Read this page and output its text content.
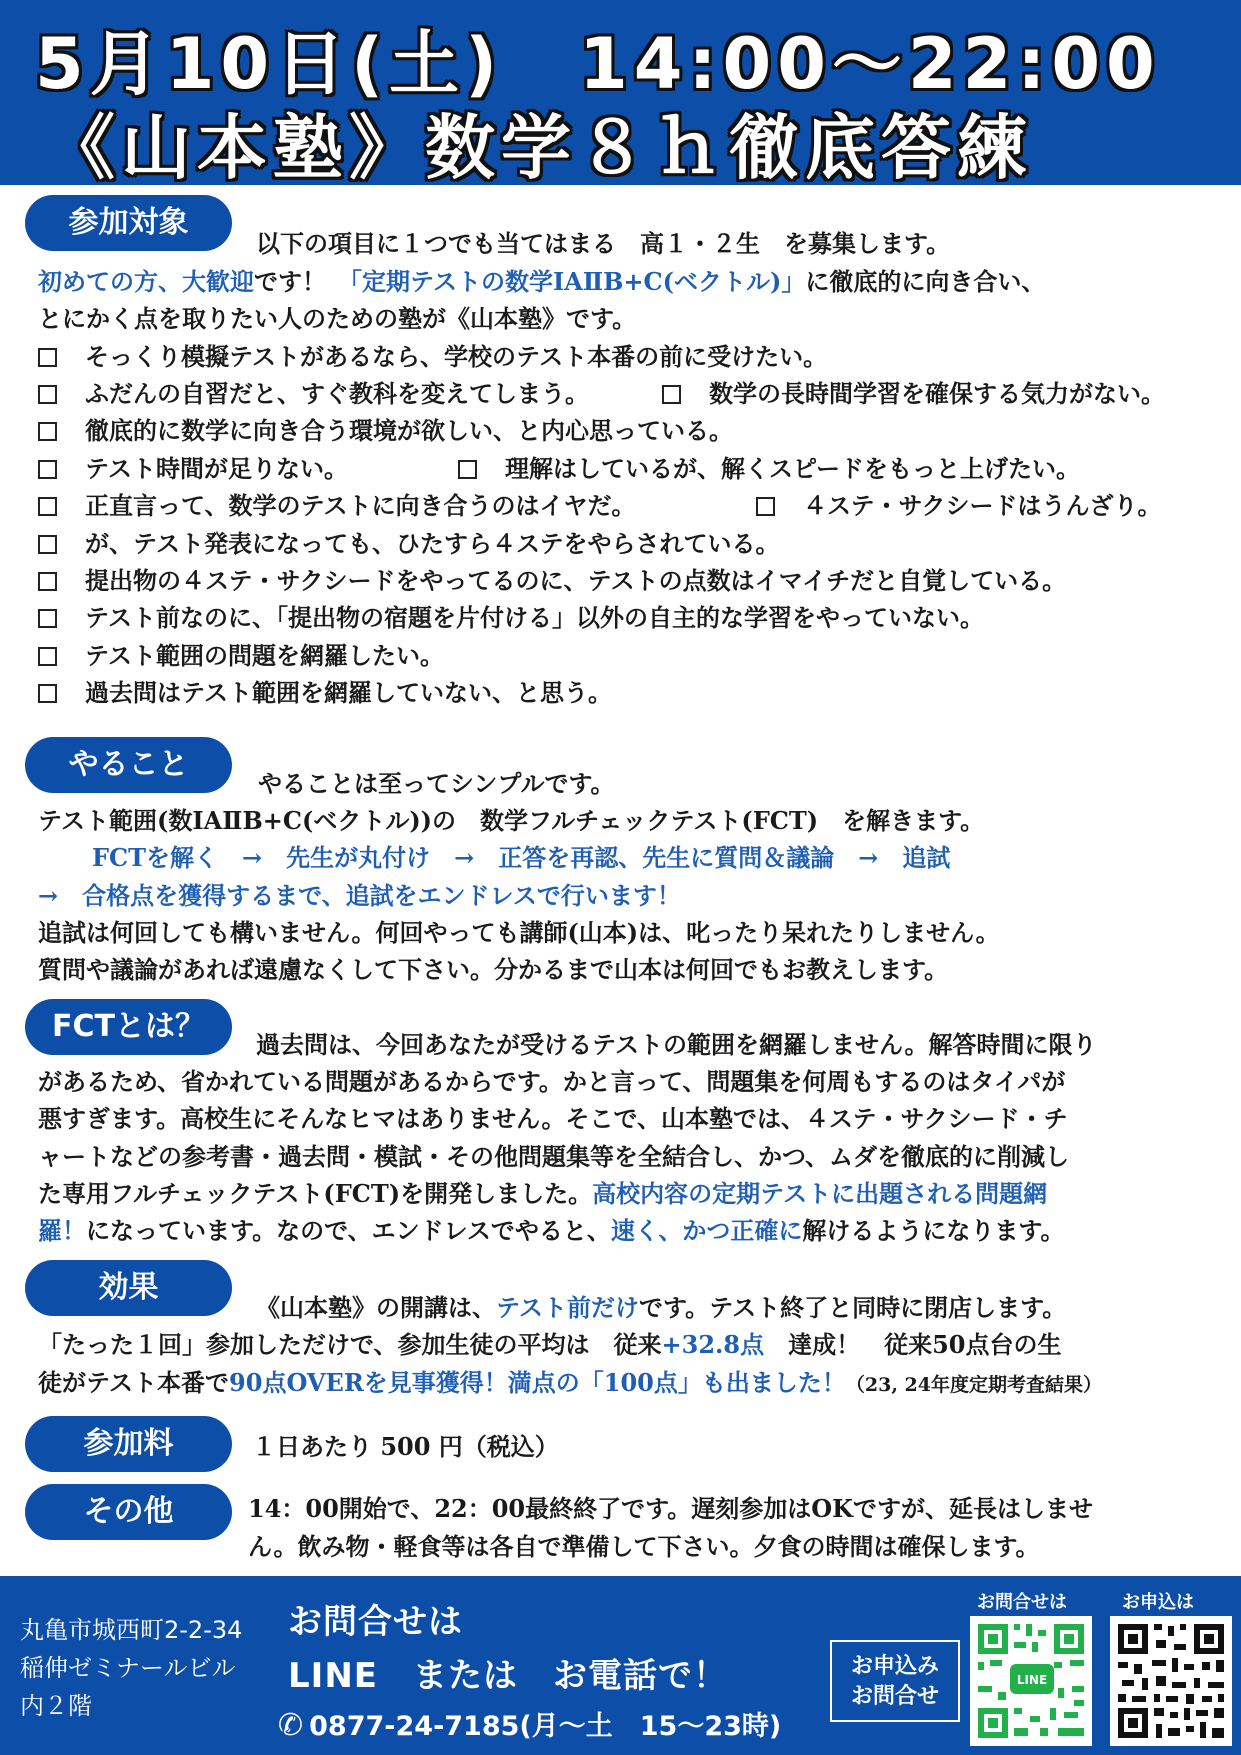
5月10日(土)　14:00～22:00
《山本塾》数学８ｈ徹底答練
参加対象
以下の項目に１つでも当てはまる　高１・２生　を募集します。
初めての方、大歓迎です！　 「定期テストの数学ⅠAⅡB+C(ベクトル)」に徹底的に向き合い、
とにかく点を取りたい人のための塾が《山本塾》です。
そっくり模擬テストがあるなら、学校のテスト本番の前に受けたい。
ふだんの自習だと、すぐ教科を変えてしまう。	数学の長時間学習を確保する気力がない。
徹底的に数学に向き合う環境が欲しい、と内心思っている。
テスト時間が足りない。	理解はしているが、解くスピードをもっと上げたい。
正直言って、数学のテストに向き合うのはイヤだ。	４ステ・サクシードはうんざり。
が、テスト発表になっても、ひたすら４ステをやらされている。
提出物の４ステ・サクシードをやってるのに、テストの点数はイマイチだと自覚している。
テスト前なのに、「提出物の宿題を片付ける」以外の自主的な学習をやっていない。
テスト範囲の問題を網羅したい。
過去問はテスト範囲を網羅していない、と思う。
やること
やることは至ってシンプルです。
テスト範囲(数ⅠAⅡB+C(ベクトル))の　数学フルチェックテスト(FCT)　を解きます。
FCTを解く　→　先生が丸付け　→　正答を再認、先生に質問＆議論　→　追試
→　合格点を獲得するまで、追試をエンドレスで行います！
追試は何回しても構いません。何回やっても講師(山本)は、叱ったり呆れたりしません。
質問や議論があれば遠慮なくして下さい。分かるまで山本は何回でもお教えします。
FCTとは？
過去問は、今回あなたが受けるテストの範囲を網羅しません。解答時間に限り
があるため、省かれている問題があるからです。かと言って、問題集を何周もするのはタイパが
悪すぎます。高校生にそんなヒマはありません。そこで、山本塾では、４ステ・サクシード・チ
ャートなどの参考書・過去問・模試・その他問題集等を全結合し、かつ、ムダを徹底的に削減し
た専用フルチェックテスト(FCT)を開発しました。高校内容の定期テストに出題される問題網
羅！になっています。なので、エンドレスでやると、速く、かつ正確に解けるようになります。
効果
《山本塾》の開講は、テスト前だけです。テスト終了と同時に閉店します。
「たった１回」参加しただけで、参加生徒の平均は　従来+32.8点　達成！　従来50点台の生
徒がテスト本番で90点OVERを見事獲得！満点の「100点」も出ました！（23, 24年度定期考査結果）
参加料	１日あたり 500 円（税込）
その他	14：00開始で、22：00最終終了です。遅刻参加はOKですが、延長はしませ
ん。飲み物・軽食等は各自で準備して下さい。夕食の時間は確保します。
丸亀市城西町2-2-34
稲伸ゼミナールビル
内２階
お問合せは
LINE　または　お電話で！
✆ 0877-24-7185(月～土　15～23時)
お申込み
お問合せ
お問合せは	お申込は
LINE
